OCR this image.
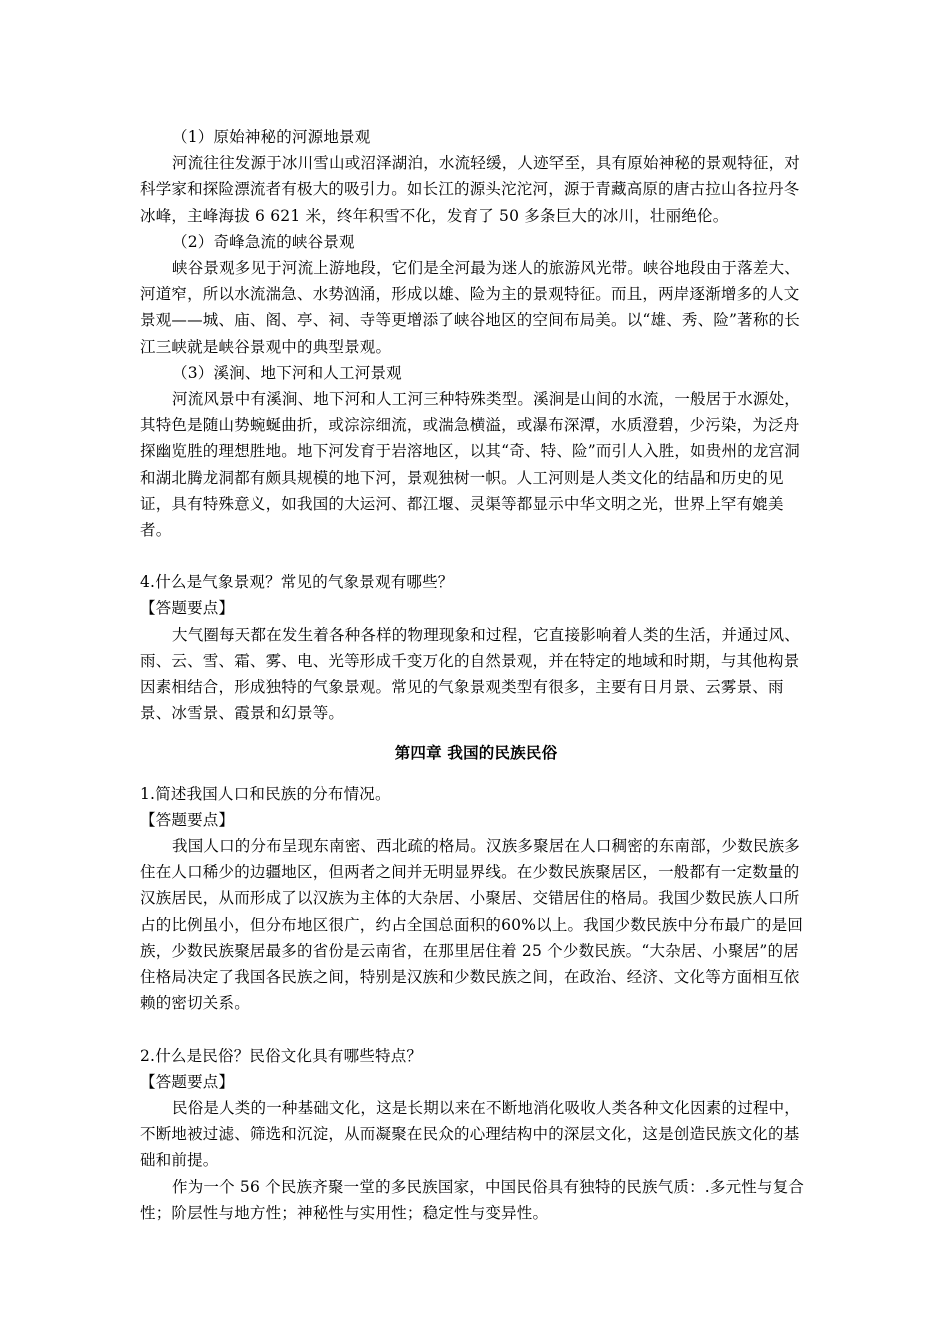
（1）原始神秘的河源地景观

河流往往发源于冰川雪山或沼泽湖泊，水流轻缓，人迹罕至，具有原始神秘的景观特征，对科学家和探险漂流者有极大的吸引力。如长江的源头沱沱河，源于青藏高原的唐古拉山各拉丹冬冰峰，主峰海拔 6 621 米，终年积雪不化，发育了 50 多条巨大的冰川，壮丽绝伦。

（2）奇峰急流的峡谷景观

峡谷景观多见于河流上游地段，它们是全河最为迷人的旅游风光带。峡谷地段由于落差大、河道窄，所以水流湍急、水势汹涌，形成以雄、险为主的景观特征。而且，两岸逐渐增多的人文景观——城、庙、阁、亭、祠、寺等更增添了峡谷地区的空间布局美。以“雄、秀、险”著称的长江三峡就是峡谷景观中的典型景观。

（3）溪涧、地下河和人工河景观

河流风景中有溪涧、地下河和人工河三种特殊类型。溪涧是山间的水流，一般居于水源处，其特色是随山势蜿蜒曲折，或淙淙细流，或湍急横溢，或瀑布深潭，水质澄碧，少污染，为泛舟探幽览胜的理想胜地。地下河发育于岩溶地区，以其“奇、特、险”而引人入胜，如贵州的龙宫洞和湖北腾龙洞都有颇具规模的地下河，景观独树一帜。人工河则是人类文化的结晶和历史的见证，具有特殊意义，如我国的大运河、都江堰、灵渠等都显示中华文明之光，世界上罕有媲美者。

4.什么是气象景观？常见的气象景观有哪些？

【答题要点】

大气圈每天都在发生着各种各样的物理现象和过程，它直接影响着人类的生活，并通过风、雨、云、雪、霜、雾、电、光等形成千变万化的自然景观，并在特定的地域和时期，与其他构景因素相结合，形成独特的气象景观。常见的气象景观类型有很多，主要有日月景、云雾景、雨景、冰雪景、霞景和幻景等。

第四章 我国的民族民俗

1.简述我国人口和民族的分布情况。

【答题要点】

我国人口的分布呈现东南密、西北疏的格局。汉族多聚居在人口稠密的东南部，少数民族多住在人口稀少的边疆地区，但两者之间并无明显界线。在少数民族聚居区，一般都有一定数量的汉族居民，从而形成了以汉族为主体的大杂居、小聚居、交错居住的格局。我国少数民族人口所占的比例虽小，但分布地区很广，约占全国总面积的60%以上。我国少数民族中分布最广的是回族，少数民族聚居最多的省份是云南省，在那里居住着 25 个少数民族。“大杂居、小聚居”的居住格局决定了我国各民族之间，特别是汉族和少数民族之间，在政治、经济、文化等方面相互依赖的密切关系。

2.什么是民俗？民俗文化具有哪些特点？

【答题要点】

民俗是人类的一种基础文化，这是长期以来在不断地消化吸收人类各种文化因素的过程中，不断地被过滤、筛选和沉淀，从而凝聚在民众的心理结构中的深层文化，这是创造民族文化的基础和前提。

作为一个 56 个民族齐聚一堂的多民族国家，中国民俗具有独特的民族气质：.多元性与复合性；阶层性与地方性；神秘性与实用性；稳定性与变异性。
